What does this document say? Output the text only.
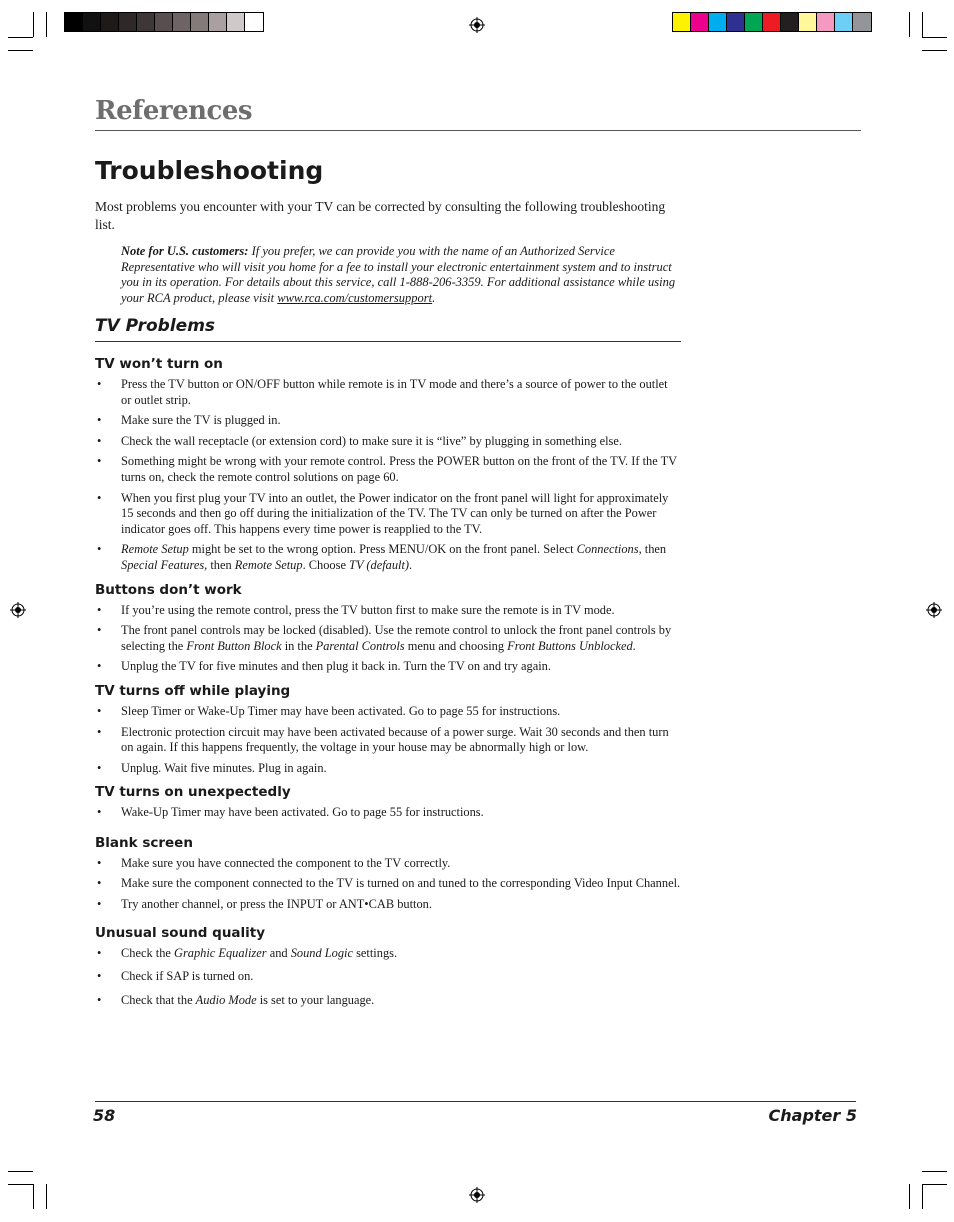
References
Troubleshooting
Most problems you encounter with your TV can be corrected by consulting the following troubleshooting list.
Note for U.S. customers: If you prefer, we can provide you with the name of an Authorized Service Representative who will visit you home for a fee to install your electronic entertainment system and to instruct you in its operation. For details about this service, call 1-888-206-3359. For additional assistance while using your RCA product, please visit www.rca.com/customersupport.
TV Problems
TV won’t turn on
• Press the TV button or ON/OFF button while remote is in TV mode and there’s a source of power to the outlet or outlet strip.
• Make sure the TV is plugged in.
• Check the wall receptacle (or extension cord) to make sure it is “live” by plugging in something else.
• Something might be wrong with your remote control. Press the POWER button on the front of the TV. If the TV turns on, check the remote control solutions on page 60.
• When you first plug your TV into an outlet, the Power indicator on the front panel will light for approximately 15 seconds and then go off during the initialization of the TV. The TV can only be turned on after the Power indicator goes off. This happens every time power is reapplied to the TV.
• Remote Setup might be set to the wrong option. Press MENU/OK on the front panel. Select Connections, then Special Features, then Remote Setup. Choose TV (default).
Buttons don’t work
• If you’re using the remote control, press the TV button first to make sure the remote is in TV mode.
• The front panel controls may be locked (disabled). Use the remote control to unlock the front panel controls by selecting the Front Button Block in the Parental Controls menu and choosing Front Buttons Unblocked.
• Unplug the TV for five minutes and then plug it back in. Turn the TV on and try again.
TV turns off while playing
• Sleep Timer or Wake-Up Timer may have been activated. Go to page 55 for instructions.
• Electronic protection circuit may have been activated because of a power surge. Wait 30 seconds and then turn on again. If this happens frequently, the voltage in your house may be abnormally high or low.
• Unplug. Wait five minutes. Plug in again.
TV turns on unexpectedly
• Wake-Up Timer may have been activated. Go to page 55 for instructions.
Blank screen
• Make sure you have connected the component to the TV correctly.
• Make sure the component connected to the TV is turned on and tuned to the corresponding Video Input Channel.
• Try another channel, or press the INPUT or ANT•CAB button.
Unusual sound quality
• Check the Graphic Equalizer and Sound Logic settings.
• Check if SAP is turned on.
• Check that the Audio Mode is set to your language.
58	Chapter 5
